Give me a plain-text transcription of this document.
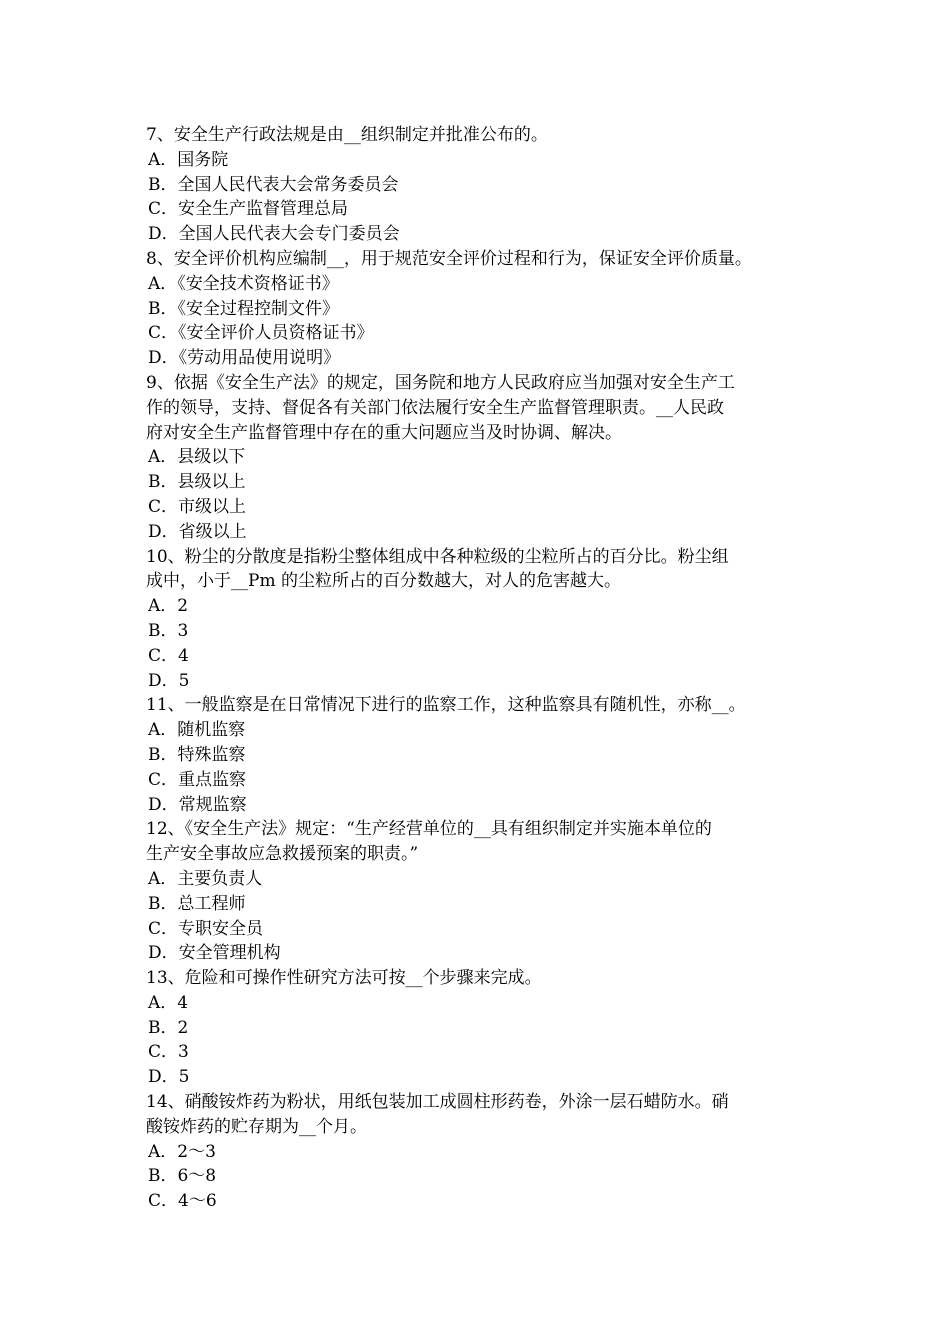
7、安全生产行政法规是由__组织制定并批准公布的。
A．国务院
B．全国人民代表大会常务委员会
C．安全生产监督管理总局
D．全国人民代表大会专门委员会
8、安全评价机构应编制__，用于规范安全评价过程和行为，保证安全评价质量。
A．《安全技术资格证书》
B．《安全过程控制文件》
C．《安全评价人员资格证书》
D．《劳动用品使用说明》
9、依据《安全生产法》的规定，国务院和地方人民政府应当加强对安全生产工
作的领导，支持、督促各有关部门依法履行安全生产监督管理职责。__人民政
府对安全生产监督管理中存在的重大问题应当及时协调、解决。
A．县级以下
B．县级以上
C．市级以上
D．省级以上
10、粉尘的分散度是指粉尘整体组成中各种粒级的尘粒所占的百分比。粉尘组
成中，小于__Pm 的尘粒所占的百分数越大，对人的危害越大。
A．2
B．3
C．4
D．5
11、一般监察是在日常情况下进行的监察工作，这种监察具有随机性，亦称__。
A．随机监察
B．特殊监察
C．重点监察
D．常规监察
12、《安全生产法》规定：“生产经营单位的__具有组织制定并实施本单位的
生产安全事故应急救援预案的职责。”
A．主要负责人
B．总工程师
C．专职安全员
D．安全管理机构
13、危险和可操作性研究方法可按__个步骤来完成。
A．4
B．2
C．3
D．5
14、硝酸铵炸药为粉状，用纸包装加工成圆柱形药卷，外涂一层石蜡防水。硝
酸铵炸药的贮存期为__个月。
A．2～3
B．6～8
C．4～6
